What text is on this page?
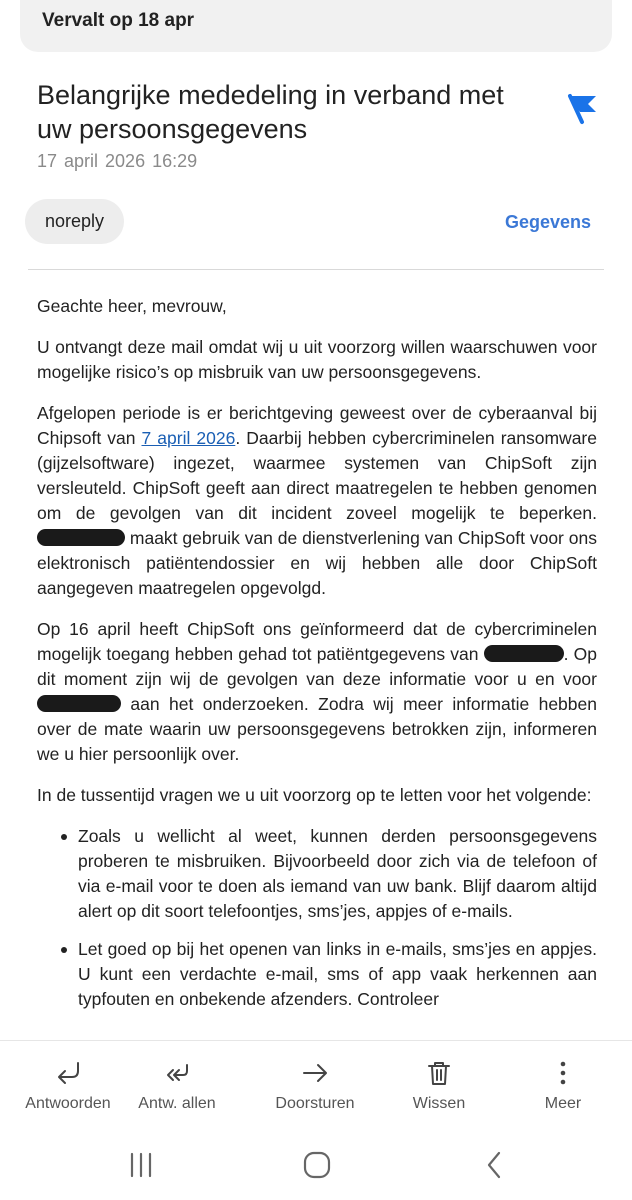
Vervalt op 18 apr
Belangrijke mededeling in verband met uw persoonsgegevens
17 april 2026 16:29
noreply	Gegevens

Geachte heer, mevrouw,

U ontvangt deze mail omdat wij u uit voorzorg willen waarschuwen voor mogelijke risico’s op misbruik van uw persoonsgegevens.

Afgelopen periode is er berichtgeving geweest over de cyberaanval bij Chipsoft van 7 april 2026. Daarbij hebben cybercriminelen ransomware (gijzelsoftware) ingezet, waarmee systemen van ChipSoft zijn versleuteld. ChipSoft geeft aan direct maatregelen te hebben genomen om de gevolgen van dit incident zoveel mogelijk te beperken.  maakt gebruik van de dienstverlening van ChipSoft voor ons elektronisch patiëntendossier en wij hebben alle door ChipSoft aangegeven maatregelen opgevolgd.

Op 16 april heeft ChipSoft ons geïnformeerd dat de cybercriminelen mogelijk toegang hebben gehad tot patiëntgegevens van	. Op dit moment zijn wij de gevolgen van deze informatie voor u en voor  aan het onderzoeken. Zodra wij meer informatie hebben over de mate waarin uw persoonsgegevens betrokken zijn, informeren we u hier persoonlijk over.

In de tussentijd vragen we u uit voorzorg op te letten voor het volgende:

Zoals u wellicht al weet, kunnen derden persoonsgegevens proberen te misbruiken. Bijvoorbeeld door zich via de telefoon of via e-mail voor te doen als iemand van uw bank. Blijf daarom altijd alert op dit soort telefoontjes, sms’jes, appjes of e-mails.
Let goed op bij het openen van links in e-mails, sms’jes en appjes. U kunt een verdachte e-mail, sms of app vaak herkennen aan typfouten en onbekende afzenders. Controleer
Antwoorden	Antw. allen	Doorsturen	Wissen	Meer
